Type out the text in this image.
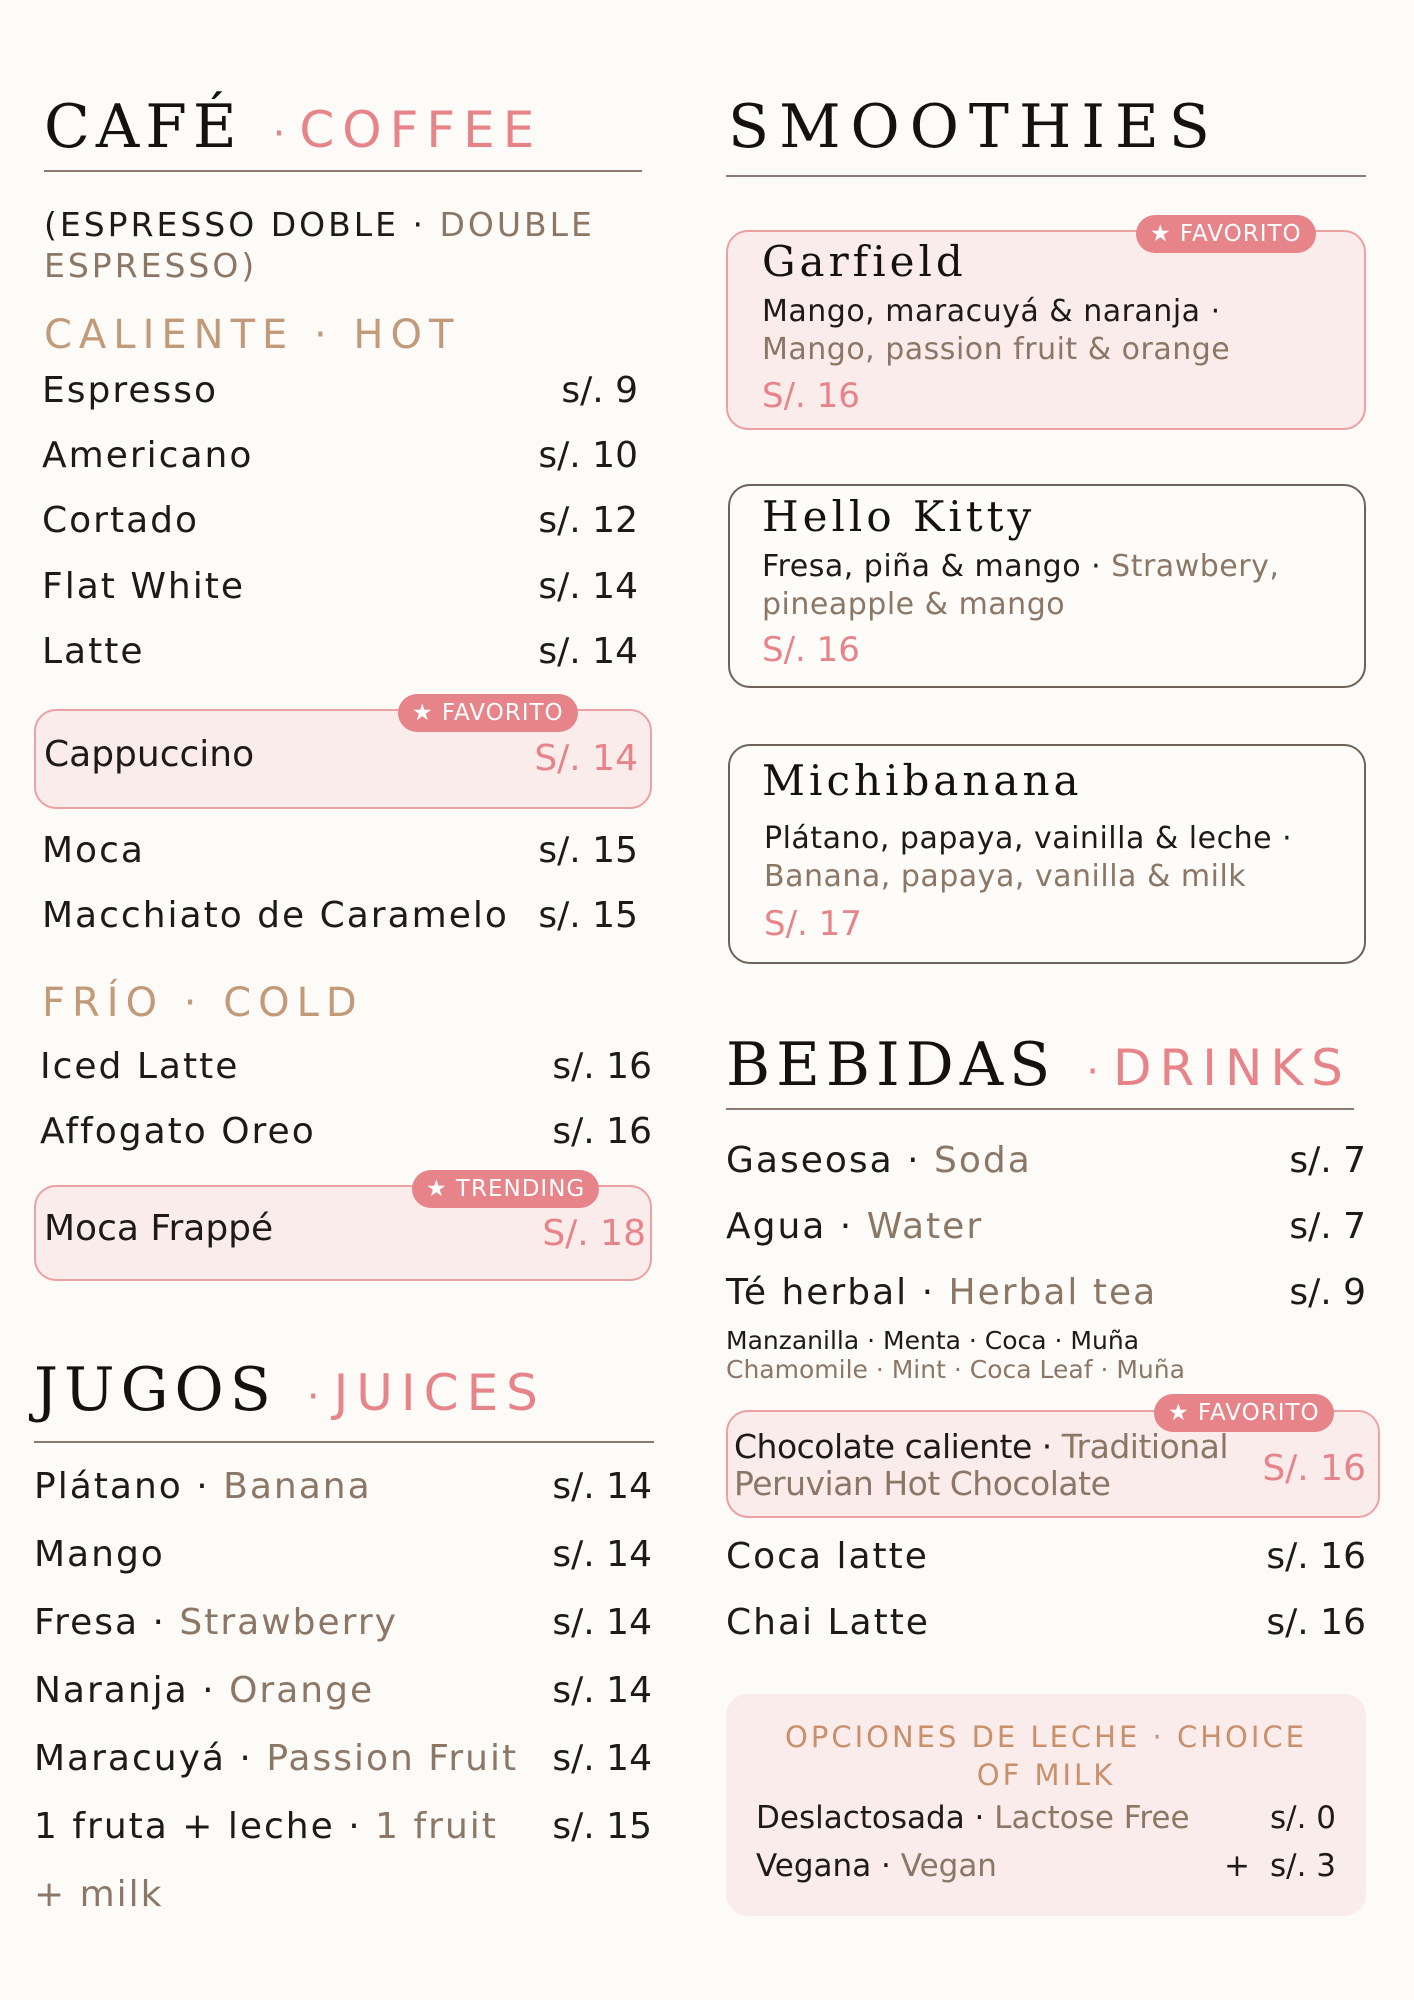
CAFÉ · COFFEE
(ESPRESSO DOBLE · DOUBLE ESPRESSO)
CALIENTE · HOT
Espresso	s/. 9
Americano	s/. 10
Cortado	s/. 12
Flat White	s/. 14
Latte	s/. 14
★ FAVORITO
Cappuccino	S/. 14
Moca	s/. 15
Macchiato de Caramelo s/. 15
FRÍO · COLD
Iced Latte	s/. 16
Affogato Oreo	s/. 16
★ TRENDING
Moca Frappé	S/. 18
JUGOS · JUICES
Plátano · Banana	s/. 14
Mango	s/. 14
Fresa · Strawberry	s/. 14
Naranja · Orange	s/. 14
Maracuyá · Passion Fruit s/. 14
1 fruta + leche · 1 fruit s/. 15
+ milk
SMOOTHIES
★ FAVORITO
Garfield
Mango, maracuyá & naranja ·
Mango, passion fruit & orange
S/. 16
Hello Kitty
Fresa, piña & mango · Strawbery, pineapple & mango
S/. 16
Michibanana
Plátano, papaya, vainilla & leche ·
Banana, papaya, vanilla & milk
S/. 17
BEBIDAS · DRINKS
Gaseosa · Soda	s/. 7
Agua · Water	s/. 7
Té herbal · Herbal tea	s/. 9
Manzanilla · Menta · Coca · Muña
Chamomile · Mint · Coca Leaf · Muña
★ FAVORITO
Chocolate caliente · Traditional Peruvian Hot Chocolate	S/. 16
Coca latte	s/. 16
Chai Latte	s/. 16
OPCIONES DE LECHE · CHOICE OF MILK
Deslactosada · Lactose Free	s/. 0
Vegana · Vegan	+ s/. 3
